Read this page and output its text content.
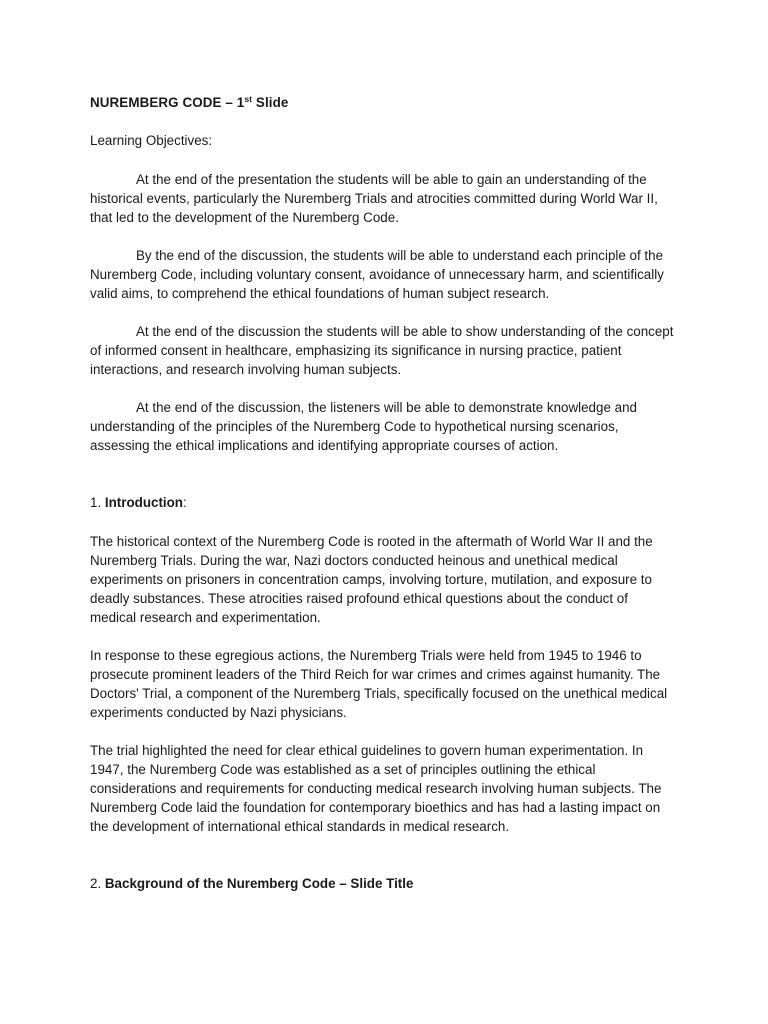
NUREMBERG CODE – 1st Slide

Learning Objectives:

At the end of the presentation the students will be able to gain an understanding of the historical events, particularly the Nuremberg Trials and atrocities committed during World War II, that led to the development of the Nuremberg Code.

By the end of the discussion, the students will be able to understand each principle of the Nuremberg Code, including voluntary consent, avoidance of unnecessary harm, and scientifically valid aims, to comprehend the ethical foundations of human subject research.

At the end of the discussion the students will be able to show understanding of the concept of informed consent in healthcare, emphasizing its significance in nursing practice, patient interactions, and research involving human subjects.

At the end of the discussion, the listeners will be able to demonstrate knowledge and understanding of the principles of the Nuremberg Code to hypothetical nursing scenarios, assessing the ethical implications and identifying appropriate courses of action.

1. Introduction:

The historical context of the Nuremberg Code is rooted in the aftermath of World War II and the Nuremberg Trials. During the war, Nazi doctors conducted heinous and unethical medical experiments on prisoners in concentration camps, involving torture, mutilation, and exposure to deadly substances. These atrocities raised profound ethical questions about the conduct of medical research and experimentation.

In response to these egregious actions, the Nuremberg Trials were held from 1945 to 1946 to prosecute prominent leaders of the Third Reich for war crimes and crimes against humanity. The Doctors' Trial, a component of the Nuremberg Trials, specifically focused on the unethical medical experiments conducted by Nazi physicians.

The trial highlighted the need for clear ethical guidelines to govern human experimentation. In 1947, the Nuremberg Code was established as a set of principles outlining the ethical considerations and requirements for conducting medical research involving human subjects. The Nuremberg Code laid the foundation for contemporary bioethics and has had a lasting impact on the development of international ethical standards in medical research.

2. Background of the Nuremberg Code – Slide Title
